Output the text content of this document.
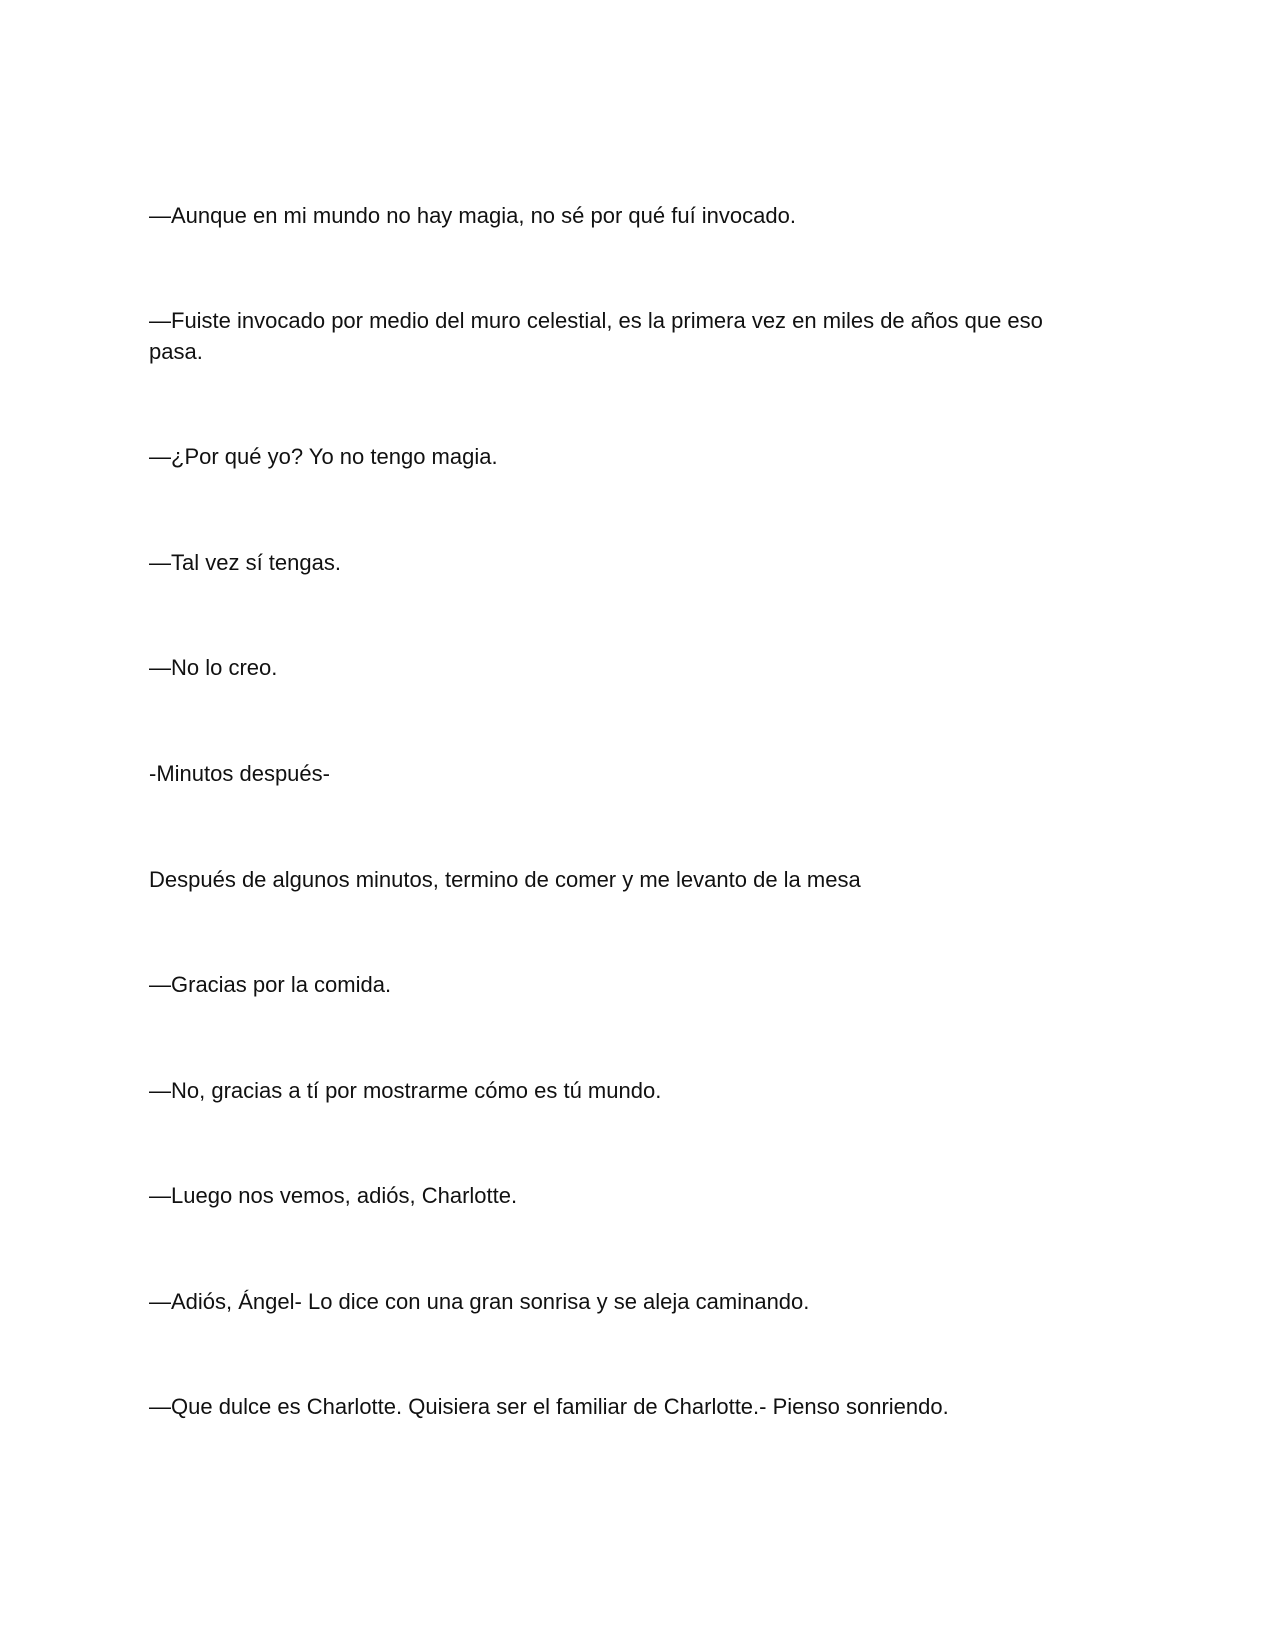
—Aunque en mi mundo no hay magia, no sé por qué fuí invocado.

—Fuiste invocado por medio del muro celestial, es la primera vez en miles de años que eso pasa.

—¿Por qué yo? Yo no tengo magia.

—Tal vez sí tengas.

—No lo creo.

-Minutos después-

Después de algunos minutos, termino de comer y me levanto de la mesa

—Gracias por la comida.

—No, gracias a tí por mostrarme cómo es tú mundo.

—Luego nos vemos, adiós, Charlotte.

—Adiós, Ángel- Lo dice con una gran sonrisa y se aleja caminando.

—Que dulce es Charlotte. Quisiera ser el familiar de Charlotte.- Pienso sonriendo.
